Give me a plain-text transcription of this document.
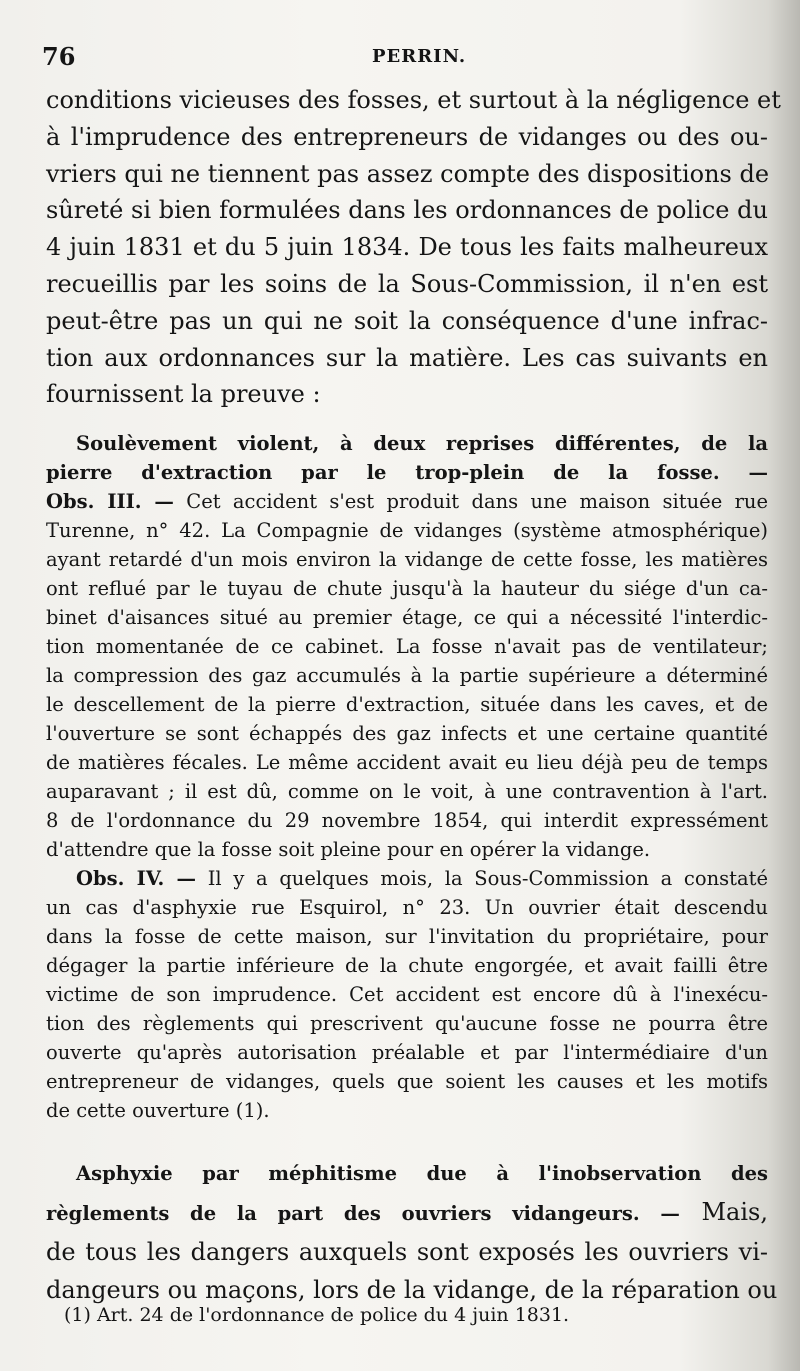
76	PERRIN.
conditions vicieuses des fosses, et surtout à la négligence et
à l'imprudence des entrepreneurs de vidanges ou des ou-
vriers qui ne tiennent pas assez compte des dispositions de
sûreté si bien formulées dans les ordonnances de police du
4 juin 1831 et du 5 juin 1834. De tous les faits malheureux
recueillis par les soins de la Sous-Commission, il n'en est
peut-être pas un qui ne soit la conséquence d'une infrac-
tion aux ordonnances sur la matière. Les cas suivants en
fournissent la preuve :
Soulèvement violent, à deux reprises différentes, de la
pierre d'extraction par le trop-plein de la fosse. —
Obs. III. — Cet accident s'est produit dans une maison située rue
Turenne, n° 42. La Compagnie de vidanges (système atmosphérique)
ayant retardé d'un mois environ la vidange de cette fosse, les matières
ont reflué par le tuyau de chute jusqu'à la hauteur du siége d'un ca-
binet d'aisances situé au premier étage, ce qui a nécessité l'interdic-
tion momentanée de ce cabinet. La fosse n'avait pas de ventilateur;
la compression des gaz accumulés à la partie supérieure a déterminé
le descellement de la pierre d'extraction, située dans les caves, et de
l'ouverture se sont échappés des gaz infects et une certaine quantité
de matières fécales. Le même accident avait eu lieu déjà peu de temps
auparavant ; il est dû, comme on le voit, à une contravention à l'art.
8 de l'ordonnance du 29 novembre 1854, qui interdit expressément
d'attendre que la fosse soit pleine pour en opérer la vidange.
Obs. IV. — Il y a quelques mois, la Sous-Commission a constaté
un cas d'asphyxie rue Esquirol, n° 23. Un ouvrier était descendu
dans la fosse de cette maison, sur l'invitation du propriétaire, pour
dégager la partie inférieure de la chute engorgée, et avait failli être
victime de son imprudence. Cet accident est encore dû à l'inexécu-
tion des règlements qui prescrivent qu'aucune fosse ne pourra être
ouverte qu'après autorisation préalable et par l'intermédiaire d'un
entrepreneur de vidanges, quels que soient les causes et les motifs
de cette ouverture (1).
Asphyxie par méphitisme due à l'inobservation des
règlements de la part des ouvriers vidangeurs. — Mais,
de tous les dangers auxquels sont exposés les ouvriers vi-
dangeurs ou maçons, lors de la vidange, de la réparation ou
(1) Art. 24 de l'ordonnance de police du 4 juin 1831.
